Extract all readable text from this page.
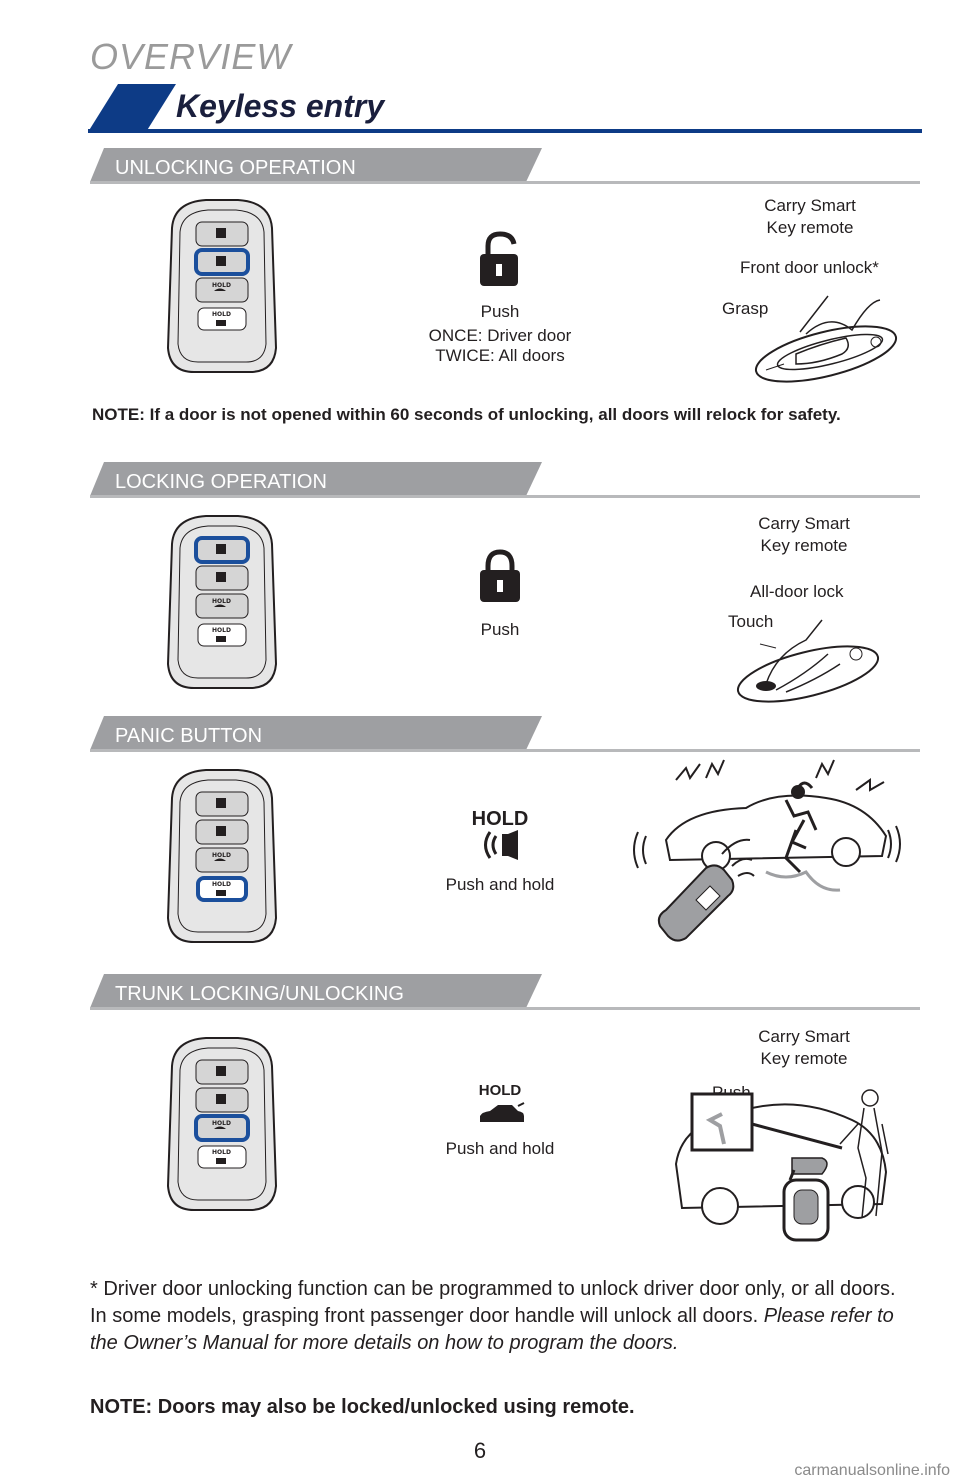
OVERVIEW
Keyless entry
UNLOCKING OPERATION
LOCKING OPERATION
PANIC BUTTON
TRUNK LOCKING/UNLOCKING
HOLD
HOLD
HOLD
HOLD
HOLD
HOLD
HOLD
HOLD
Push
ONCE: Driver door
TWICE: All doors
Carry Smart
Key remote
Front door unlock*
Grasp
NOTE: If a door is not opened within 60 seconds of unlocking, all doors will relock for safety.
Push
Carry Smart
Key remote
All-door lock
Touch
HOLD
Push and hold
HOLD
Push and hold
Carry Smart
Key remote
* Driver door unlocking function can be programmed to unlock driver door only, or all doors. In some models, grasping front passenger door handle will unlock all doors. Please refer to the Owner’s Manual for more details on how to program the doors.
NOTE: Doors may also be locked/unlocked using remote.
6
carmanualsonline.info
